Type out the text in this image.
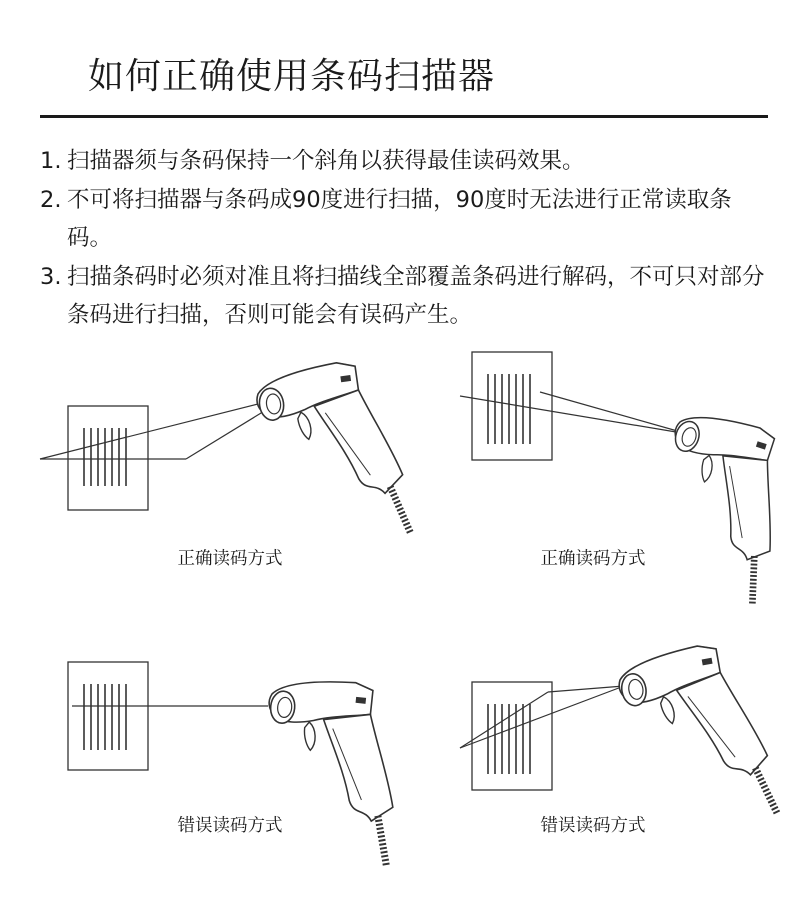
如何正确使用条码扫描器
1. 扫描器须与条码保持一个斜角以获得最佳读码效果。
2. 不可将扫描器与条码成90度进行扫描，90度时无法进行正常读取条码。
3. 扫描条码时必须对准且将扫描线全部覆盖条码进行解码，不可只对部分条码进行扫描，否则可能会有误码产生。
正确读码方式	正确读码方式
错误读码方式	错误读码方式
